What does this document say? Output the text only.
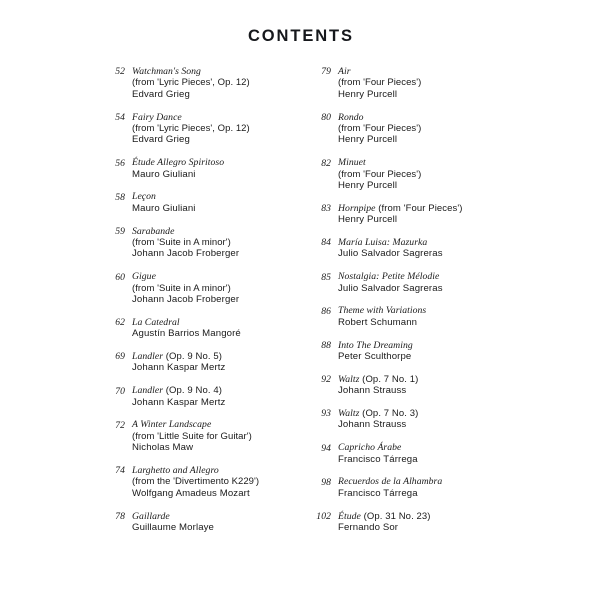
CONTENTS
52 Watchman's Song
(from 'Lyric Pieces', Op. 12)
Edvard Grieg
54 Fairy Dance
(from 'Lyric Pieces', Op. 12)
Edvard Grieg
56 Étude Allegro Spiritoso
Mauro Giuliani
58 Leçon
Mauro Giuliani
59 Sarabande
(from 'Suite in A minor')
Johann Jacob Froberger
60 Gigue
(from 'Suite in A minor')
Johann Jacob Froberger
62 La Catedral
Agustín Barrios Mangoré
69 Landler (Op. 9 No. 5)
Johann Kaspar Mertz
70 Landler (Op. 9 No. 4)
Johann Kaspar Mertz
72 A Winter Landscape
(from 'Little Suite for Guitar')
Nicholas Maw
74 Larghetto and Allegro
(from the 'Divertimento K229')
Wolfgang Amadeus Mozart
78 Gaillarde
Guillaume Morlaye
79 Air
(from 'Four Pieces')
Henry Purcell
80 Rondo
(from 'Four Pieces')
Henry Purcell
82 Minuet
(from 'Four Pieces')
Henry Purcell
83 Hornpipe (from 'Four Pieces')
Henry Purcell
84 María Luisa: Mazurka
Julio Salvador Sagreras
85 Nostalgia: Petite Mélodie
Julio Salvador Sagreras
86 Theme with Variations
Robert Schumann
88 Into The Dreaming
Peter Sculthorpe
92 Waltz (Op. 7 No. 1)
Johann Strauss
93 Waltz (Op. 7 No. 3)
Johann Strauss
94 Capricho Árabe
Francisco Tárrega
98 Recuerdos de la Alhambra
Francisco Tárrega
102 Étude (Op. 31 No. 23)
Fernando Sor
